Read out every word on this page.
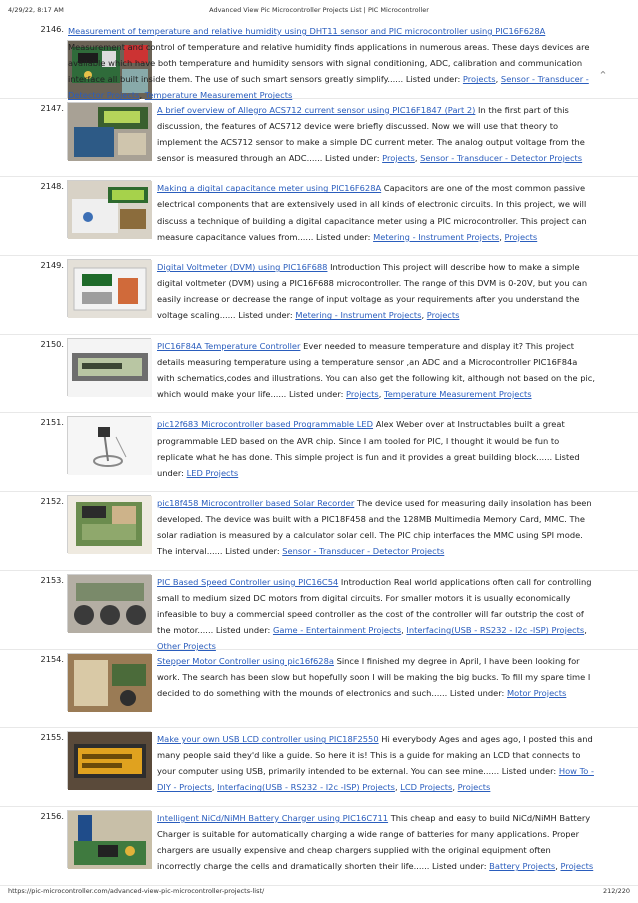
4/29/22, 8:17 AM	Advanced View Pic Microcontroller Projects List | PIC Microcontroller
2146. Measurement of temperature and relative humidity using DHT11 sensor and PIC microcontroller using PIC16F628A Measurement and control of temperature and relative humidity finds applications in numerous areas. These days devices are available which have both temperature and humidity sensors with signal conditioning, ADC, calibration and communication interface all built inside them. The use of such smart sensors greatly simplify...... Listed under: Projects, Sensor - Transducer - Detector Projects, Temperature Measurement Projects

2147.	A brief overview of Allegro ACS712 current sensor using PIC16F1847 (Part 2) In the first part of this discussion, the features of ACS712 device were briefly discussed. Now we will use that theory to implement the ACS712 sensor to make a simple DC current meter. The analog output voltage from the sensor is measured through an ADC...... Listed under: Projects, Sensor - Transducer - Detector Projects

2148.	Making a digital capacitance meter using PIC16F628A Capacitors are one of the most common passive electrical components that are extensively used in all kinds of electronic circuits. In this project, we will discuss a technique of building a digital capacitance meter using a PIC microcontroller. This project can measure capacitance values from...... Listed under: Metering - Instrument Projects, Projects

2149.	Digital Voltmeter (DVM) using PIC16F688 Introduction This project will describe how to make a simple digital voltmeter (DVM) using a PIC16F688 microcontroller. The range of this DVM is 0-20V, but you can easily increase or decrease the range of input voltage as your requirements after you understand the voltage scaling...... Listed under: Metering - Instrument Projects, Projects

2150.	PIC16F84A Temperature Controller Ever needed to measure temperature and display it? This project details measuring temperature using a temperature sensor ,an ADC and a Microcontroller PIC16F84a with schematics,codes and illustrations. You can also get the following kit, although not based on the pic, which would make your life...... Listed under: Projects, Temperature Measurement Projects

2151.	pic12f683 Microcontroller based Programmable LED Alex Weber over at Instructables built a great programmable LED based on the AVR chip. Since I am tooled for PIC, I thought it would be fun to replicate what he has done. This simple project is fun and it provides a great building block...... Listed under: LED Projects

2152.	pic18f458 Microcontroller based Solar Recorder The device used for measuring daily insolation has been developed. The device was built with a PIC18F458 and the 128MB Multimedia Memory Card, MMC. The solar radiation is measured by a calculator solar cell. The PIC chip interfaces the MMC using SPI mode. The interval...... Listed under: Sensor - Transducer - Detector Projects

2153.	PIC Based Speed Controller using PIC16C54 Introduction Real world applications often call for controlling small to medium sized DC motors from digital circuits. For smaller motors it is usually economically infeasible to buy a commercial speed controller as the cost of the controller will far outstrip the cost of the motor...... Listed under: Game - Entertainment Projects, Interfacing(USB - RS232 - I2c -ISP) Projects, Other Projects

2154.	Stepper Motor Controller using pic16f628a Since I finished my degree in April, I have been looking for work. The search has been slow but hopefully soon I will be making the big bucks. To fill my spare time I decided to do something with the mounds of electronics and such...... Listed under: Motor Projects

2155.	Make your own USB LCD controller using PIC18F2550 Hi everybody Ages and ages ago, I posted this and many people said they'd like a guide. So here it is! This is a guide for making an LCD that connects to your computer using USB, primarily intended to be external. You can see mine...... Listed under: How To - DIY - Projects, Interfacing(USB - RS232 - I2c -ISP) Projects, LCD Projects, Projects

2156.	Intelligent NiCd/NiMH Battery Charger using PIC16C711 This cheap and easy to build NiCd/NiMH Battery Charger is suitable for automatically charging a wide range of batteries for many applications. Proper chargers are usually expensive and cheap chargers supplied with the original equipment often incorrectly charge the cells and dramatically shorten their life...... Listed under: Battery Projects, Projects

⌃
https://pic-microcontroller.com/advanced-view-pic-microcontroller-projects-list/	212/220
